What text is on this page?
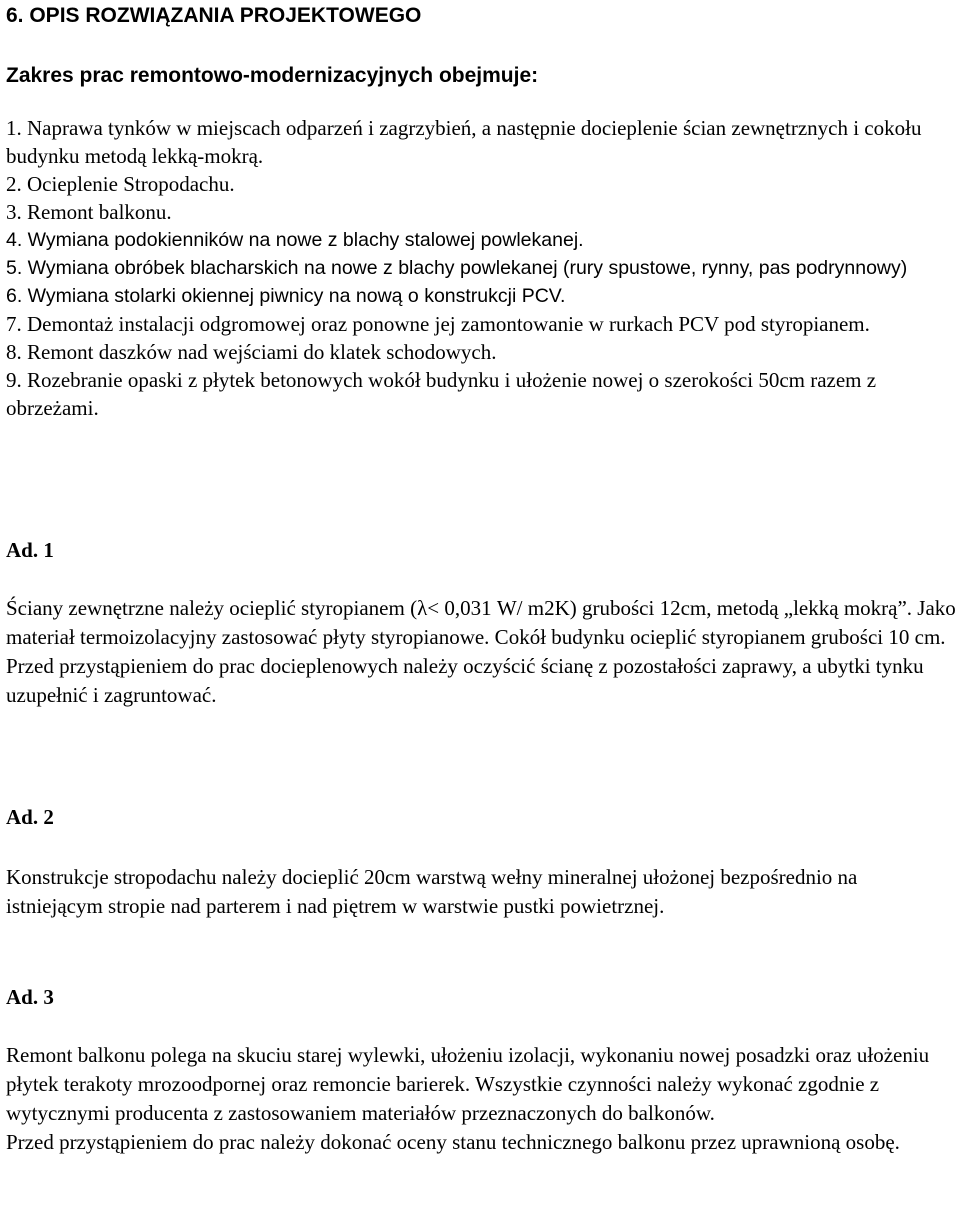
6. OPIS ROZWIĄZANIA PROJEKTOWEGO
Zakres prac remontowo-modernizacyjnych obejmuje:
1. Naprawa tynków w miejscach odparzeń i zagrzybień, a następnie docieplenie ścian zewnętrznych i cokołu budynku metodą lekką-mokrą.
2. Ocieplenie Stropodachu.
3. Remont balkonu.
4. Wymiana podokienników na nowe z blachy stalowej powlekanej.
5. Wymiana obróbek blacharskich na nowe z blachy powlekanej (rury spustowe, rynny, pas podrynnowy)
6. Wymiana stolarki okiennej piwnicy na nową o konstrukcji PCV.
7. Demontaż instalacji odgromowej oraz ponowne jej zamontowanie w rurkach PCV pod styropianem.
8. Remont daszków nad wejściami do klatek schodowych.
9. Rozebranie opaski z płytek betonowych wokół budynku i ułożenie nowej o szerokości 50cm razem z obrzeżami.
Ad. 1

Ściany zewnętrzne należy ocieplić styropianem (λ< 0,031 W/ m2K) grubości 12cm, metodą „lekką mokrą”. Jako materiał termoizolacyjny zastosować płyty styropianowe. Cokół budynku ocieplić styropianem grubości 10 cm. Przed przystąpieniem do prac docieplenowych należy oczyścić ścianę z pozostałości zaprawy, a ubytki tynku uzupełnić i zagruntować.

Ad. 2

Konstrukcje stropodachu należy docieplić 20cm warstwą wełny mineralnej ułożonej bezpośrednio na istniejącym stropie nad parterem i nad piętrem w warstwie pustki powietrznej.

Ad. 3

Remont balkonu polega na skuciu starej wylewki, ułożeniu izolacji, wykonaniu nowej posadzki oraz ułożeniu płytek terakoty mrozoodpornej oraz remoncie barierek. Wszystkie czynności należy wykonać zgodnie z wytycznymi producenta z zastosowaniem materiałów przeznaczonych do balkonów.

Przed przystąpieniem do prac należy dokonać oceny stanu technicznego balkonu przez uprawnioną osobę.
